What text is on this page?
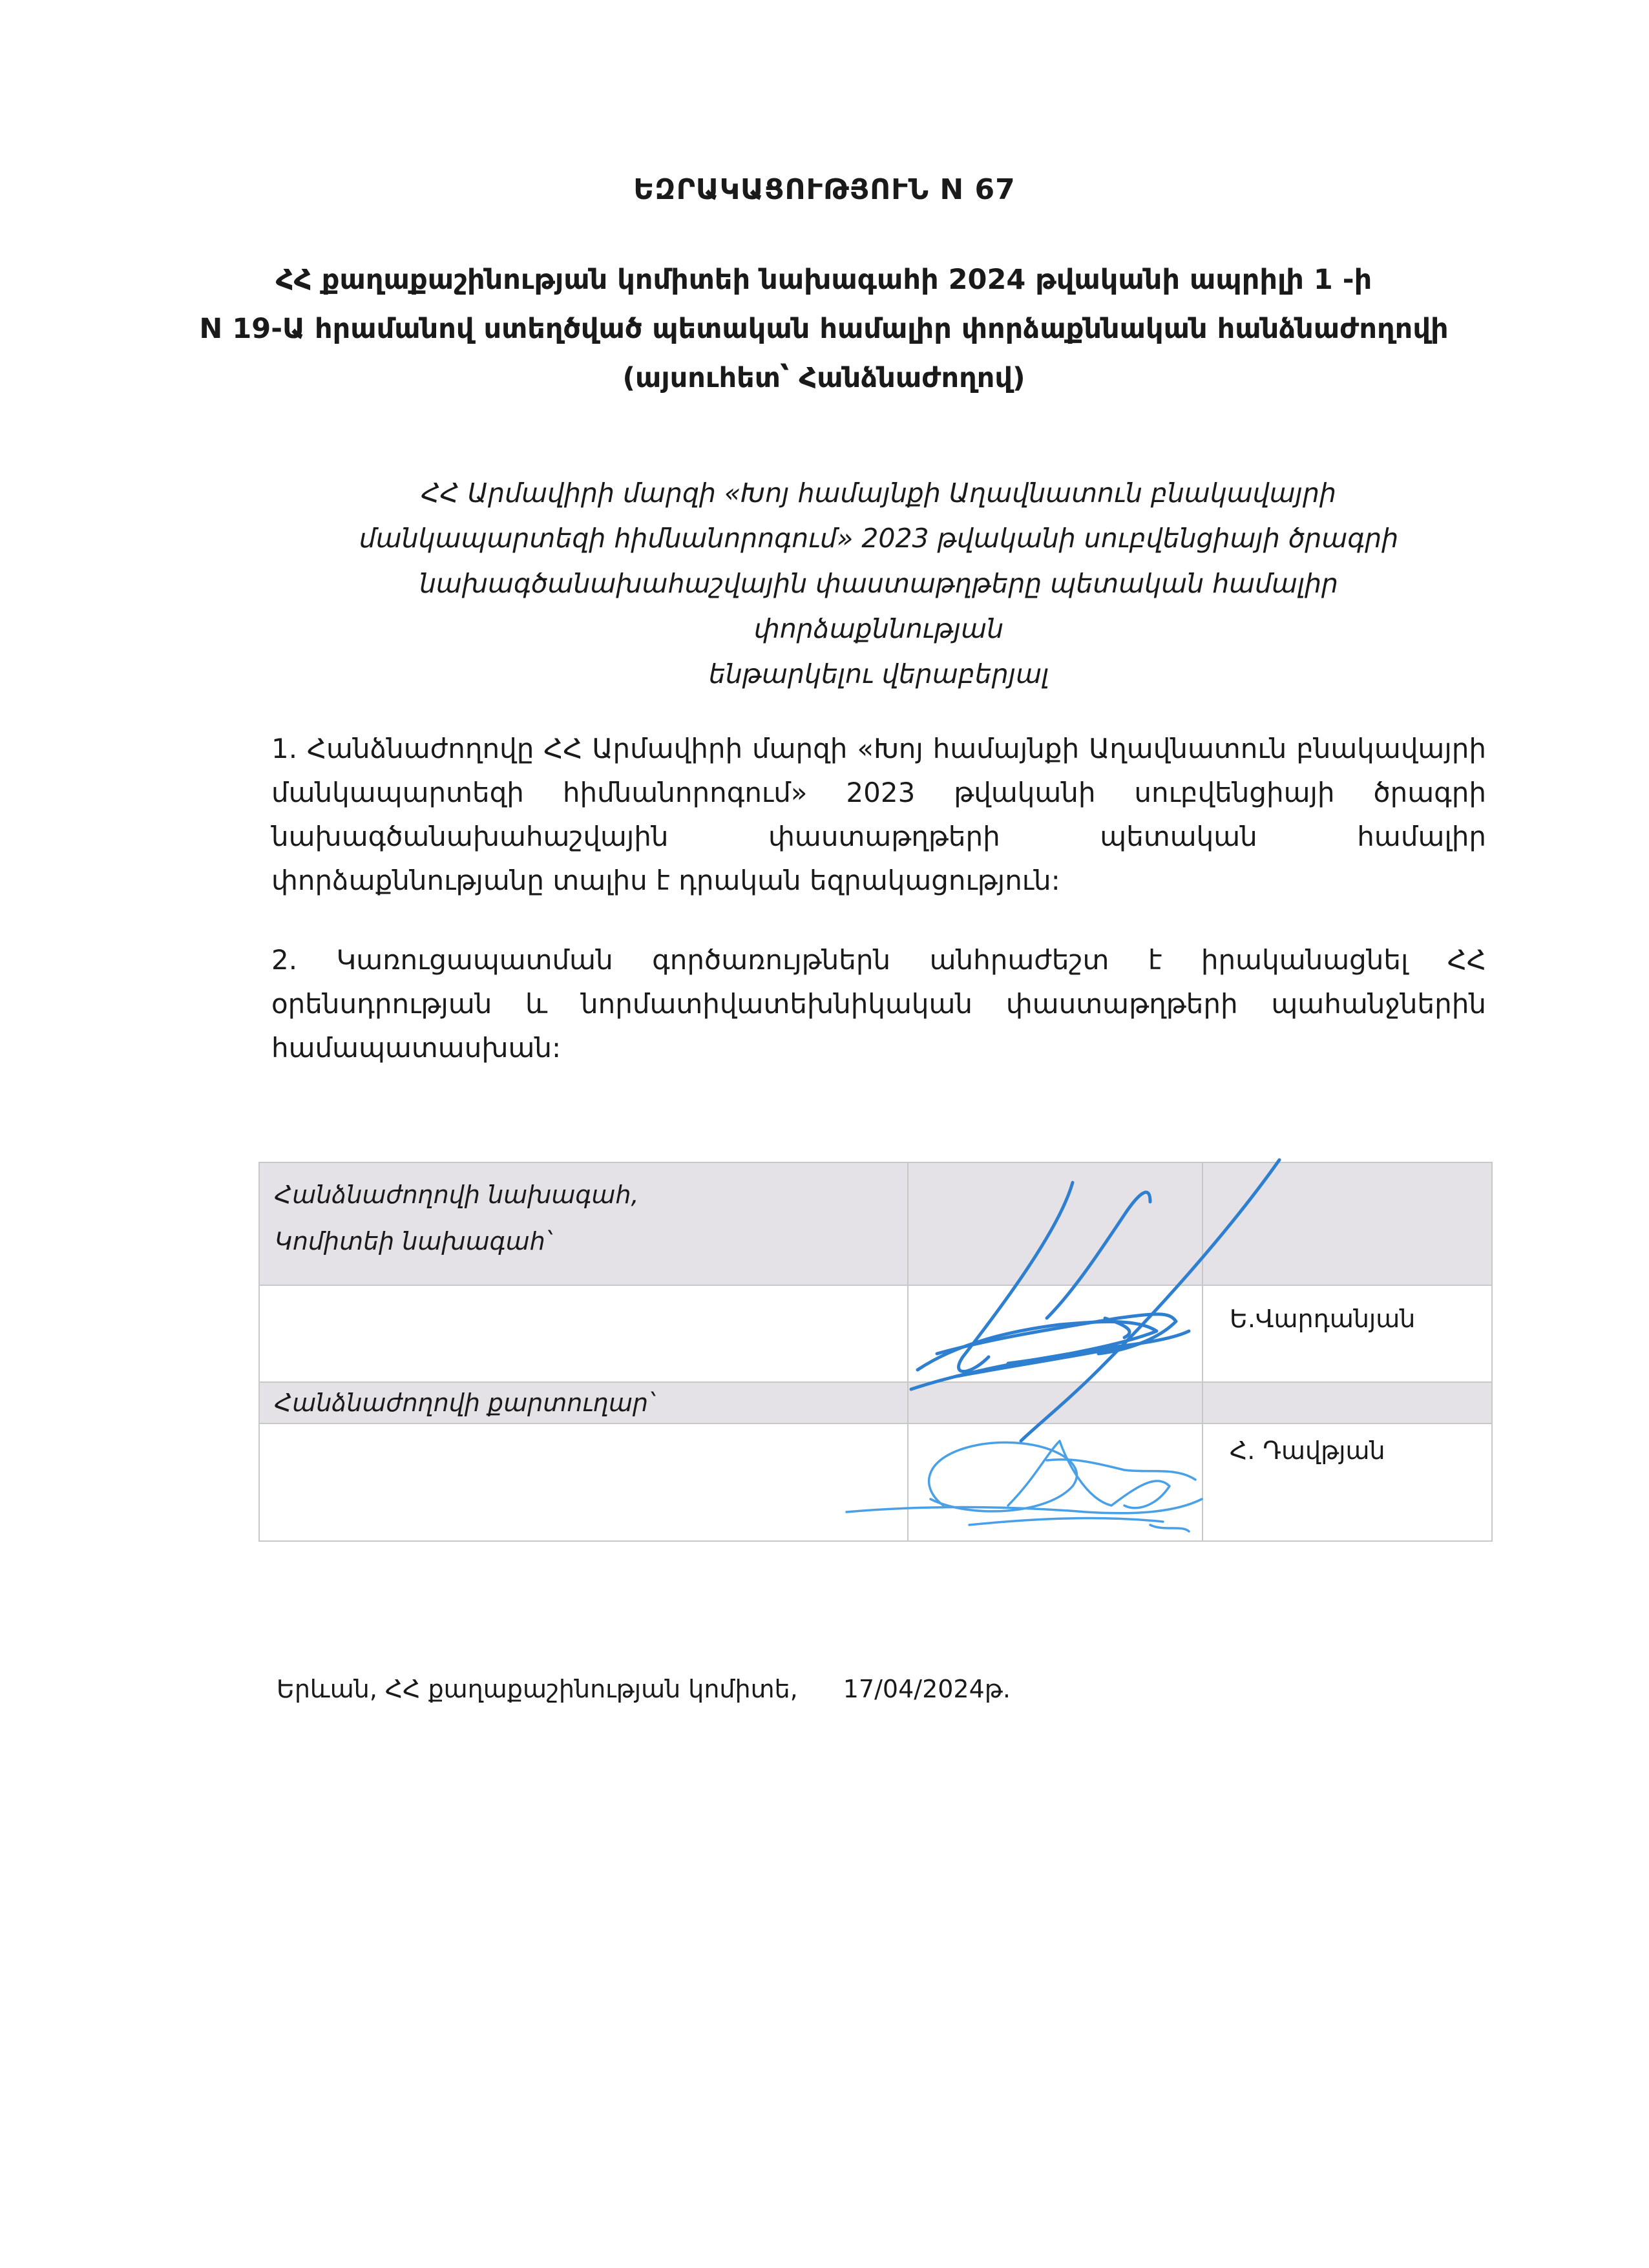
ԵԶՐԱԿԱՑՈՒԹՅՈՒՆ N 67
ՀՀ քաղաքաշինության կոմիտեի նախագահի 2024 թվականի ապրիլի 1 -ի
N 19-Ա հրամանով ստեղծված պետական համալիր փորձաքննական հանձնաժողովի
(այսուհետ՝ Հանձնաժողով)
ՀՀ Արմավիրի մարզի «Խոյ համայնքի Աղավնատուն բնակավայրի
մանկապարտեզի հիմնանորոգում» 2023 թվականի սուբվենցիայի ծրագրի
նախագծանախահաշվային փաստաթղթերը պետական համալիր փորձաքննության
ենթարկելու վերաբերյալ
1. Հանձնաժողովը ՀՀ Արմավիրի մարզի «Խոյ համայնքի Աղավնատուն բնակավայրի մանկապարտեզի հիմնանորոգում» 2023 թվականի սուբվենցիայի ծրագրի նախագծանախահաշվային փաստաթղթերի պետական համալիր փորձաքննությանը տալիս է դրական եզրակացություն:
2. Կառուցապատման գործառույթներն անհրաժեշտ է իրականացնել ՀՀ օրենսդրության և նորմատիվատեխնիկական փաստաթղթերի պահանջներին համապատասխան:
Հանձնաժողովի նախագահ,
Կոմիտեի նախագահ՝		

		Ե.Վարդանյան

Հանձնաժողովի քարտուղար՝		

		Հ. Դավթյան
Երևան, ՀՀ քաղաքաշինության կոմիտե, 17/04/2024թ.
